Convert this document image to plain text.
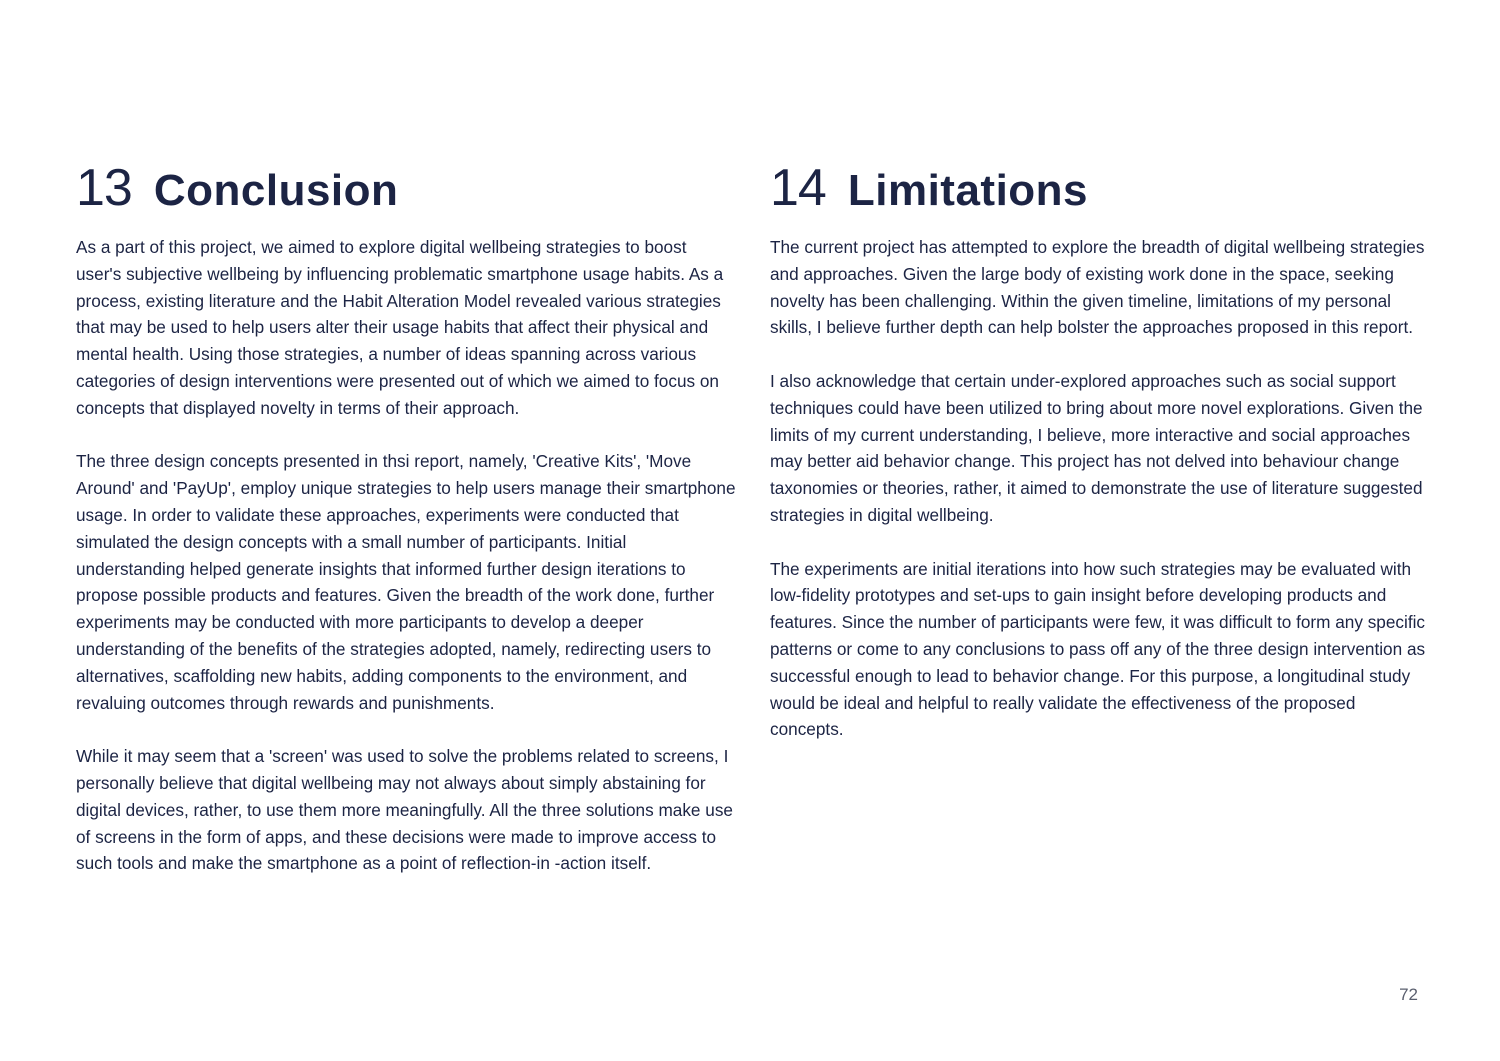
13 Conclusion

As a part of this project, we aimed to explore digital wellbeing strategies to boost user's subjective wellbeing by influencing problematic smartphone usage habits. As a process, existing literature and the Habit Alteration Model revealed various strategies that may be used to help users alter their usage habits that affect their physical and mental health. Using those strategies, a number of ideas spanning across various categories of design interventions were presented out of which we aimed to focus on concepts that displayed novelty in terms of their approach.

The three design concepts presented in thsi report, namely, 'Creative Kits', 'Move Around' and 'PayUp', employ unique strategies to help users manage their smartphone usage. In order to validate these approaches, experiments were conducted that simulated the design concepts with a small number of participants. Initial understanding helped generate insights that informed further design iterations to propose possible products and features. Given the breadth of the work done, further experiments may be conducted with more participants to develop a deeper understanding of the benefits of the strategies adopted, namely, redirecting users to alternatives, scaffolding new habits, adding components to the environment, and revaluing outcomes through rewards and punishments.

While it may seem that a 'screen' was used to solve the problems related to screens, I personally believe that digital wellbeing may not always about simply abstaining for digital devices, rather, to use them more meaningfully. All the three solutions make use of screens in the form of apps, and these decisions were made to improve access to such tools and make the smartphone as a point of reflection-in -action itself.

14 Limitations

The current project has attempted to explore the breadth of digital wellbeing strategies and approaches. Given the large body of existing work done in the space, seeking novelty has been challenging. Within the given timeline, limitations of my personal skills, I believe further depth can help bolster the approaches proposed in this report.

I also acknowledge that certain under-explored approaches such as social support techniques could have been utilized to bring about more novel explorations. Given the limits of my current understanding, I believe, more interactive and social approaches may better aid behavior change. This project has not delved into behaviour change taxonomies or theories, rather, it aimed to demonstrate the use of literature suggested strategies in digital wellbeing.

The experiments are initial iterations into how such strategies may be evaluated with low-fidelity prototypes and set-ups to gain insight before developing products and features. Since the number of participants were few, it was difficult to form any specific patterns or come to any conclusions to pass off any of the three design intervention as successful enough to lead to behavior change. For this purpose, a longitudinal study would be ideal and helpful to really validate the effectiveness of the proposed concepts.

72
